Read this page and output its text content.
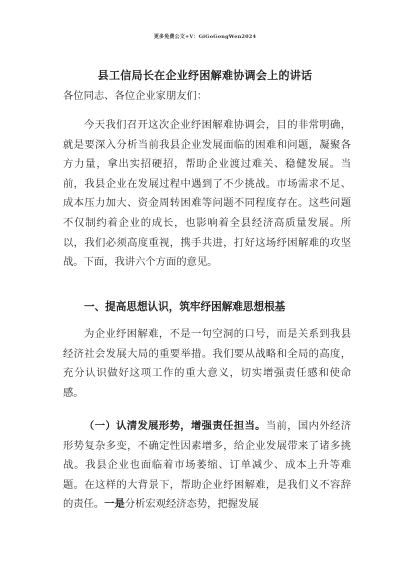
更多免费公文+V：GiGoGongWen2024
县工信局长在企业纾困解难协调会上的讲话
各位同志、各位企业家朋友们：
今天我们召开这次企业纾困解难协调会，目的非常明确，就是要深入分析当前我县企业发展面临的困难和问题，凝聚各方力量，拿出实招硬招，帮助企业渡过难关、稳健发展。当前，我县企业在发展过程中遇到了不少挑战。市场需求不足、成本压力加大、资金周转困难等问题不同程度存在。这些问题不仅制约着企业的成长，也影响着全县经济高质量发展。所以，我们必须高度重视，携手共进，打好这场纾困解难的攻坚战。下面，我讲六个方面的意见。
一、提高思想认识，筑牢纾困解难思想根基
为企业纾困解难，不是一句空洞的口号，而是关系到我县经济社会发展大局的重要举措。我们要从战略和全局的高度，充分认识做好这项工作的重大意义，切实增强责任感和使命感。
（一）认清发展形势，增强责任担当。当前，国内外经济形势复杂多变，不确定性因素增多，给企业发展带来了诸多挑战。我县企业也面临着市场萎缩、订单减少、成本上升等难题。在这样的大背景下，帮助企业纾困解难，是我们义不容辞的责任。一是分析宏观经济态势，把握发展
